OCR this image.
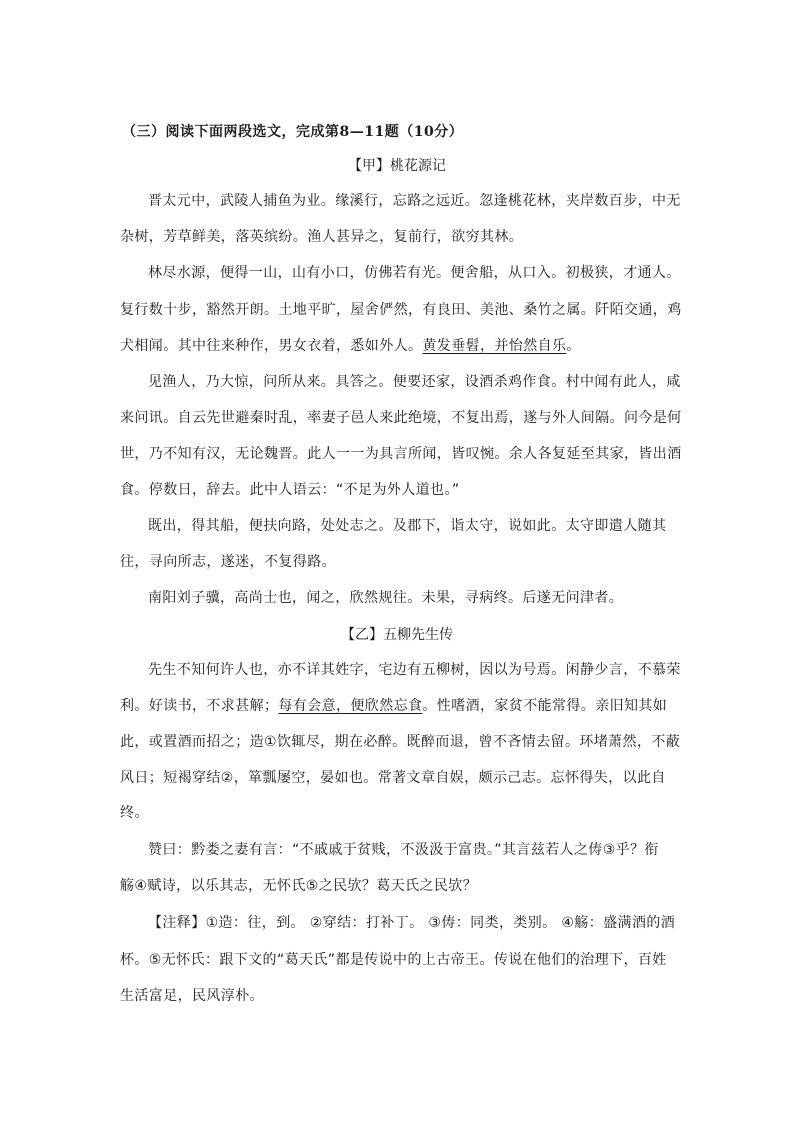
（三）阅读下面两段选文，完成第8—11题（10分）
【甲】桃花源记
晋太元中，武陵人捕鱼为业。缘溪行，忘路之远近。忽逢桃花林，夹岸数百步，中无
杂树，芳草鲜美，落英缤纷。渔人甚异之，复前行，欲穷其林。
林尽水源，便得一山，山有小口，仿佛若有光。便舍船，从口入。初极狭，才通人。
复行数十步，豁然开朗。土地平旷，屋舍俨然，有良田、美池、桑竹之属。阡陌交通，鸡
犬相闻。其中往来种作，男女衣着，悉如外人。黄发垂髫，并怡然自乐。
见渔人，乃大惊，问所从来。具答之。便要还家，设酒杀鸡作食。村中闻有此人，咸
来问讯。自云先世避秦时乱，率妻子邑人来此绝境，不复出焉，遂与外人间隔。问今是何
世，乃不知有汉，无论魏晋。此人一一为具言所闻，皆叹惋。余人各复延至其家，皆出酒
食。停数日，辞去。此中人语云：“不足为外人道也。”
既出，得其船，便扶向路，处处志之。及郡下，诣太守，说如此。太守即遣人随其
往，寻向所志，遂迷，不复得路。
南阳刘子骥，高尚士也，闻之，欣然规往。未果，寻病终。后遂无问津者。
【乙】五柳先生传
先生不知何许人也，亦不详其姓字，宅边有五柳树，因以为号焉。闲静少言，不慕荣
利。好读书，不求甚解；每有会意，便欣然忘食。性嗜酒，家贫不能常得。亲旧知其如
此，或置酒而招之；造①饮辄尽，期在必醉。既醉而退，曾不吝情去留。环堵萧然，不蔽
风日；短褐穿结②，箪瓢屡空，晏如也。常著文章自娱，颇示己志。忘怀得失，以此自
终。
赞曰：黔娄之妻有言：“不戚戚于贫贱，不汲汲于富贵。”其言兹若人之俦③乎？衔
觞④赋诗，以乐其志，无怀氏⑤之民欤？葛天氏之民欤？
【注释】①造：往，到。 ②穿结：打补丁。 ③俦：同类，类别。 ④觞：盛满酒的酒
杯。⑤无怀氏：跟下文的“葛天氏”都是传说中的上古帝王。传说在他们的治理下，百姓
生活富足，民风淳朴。
